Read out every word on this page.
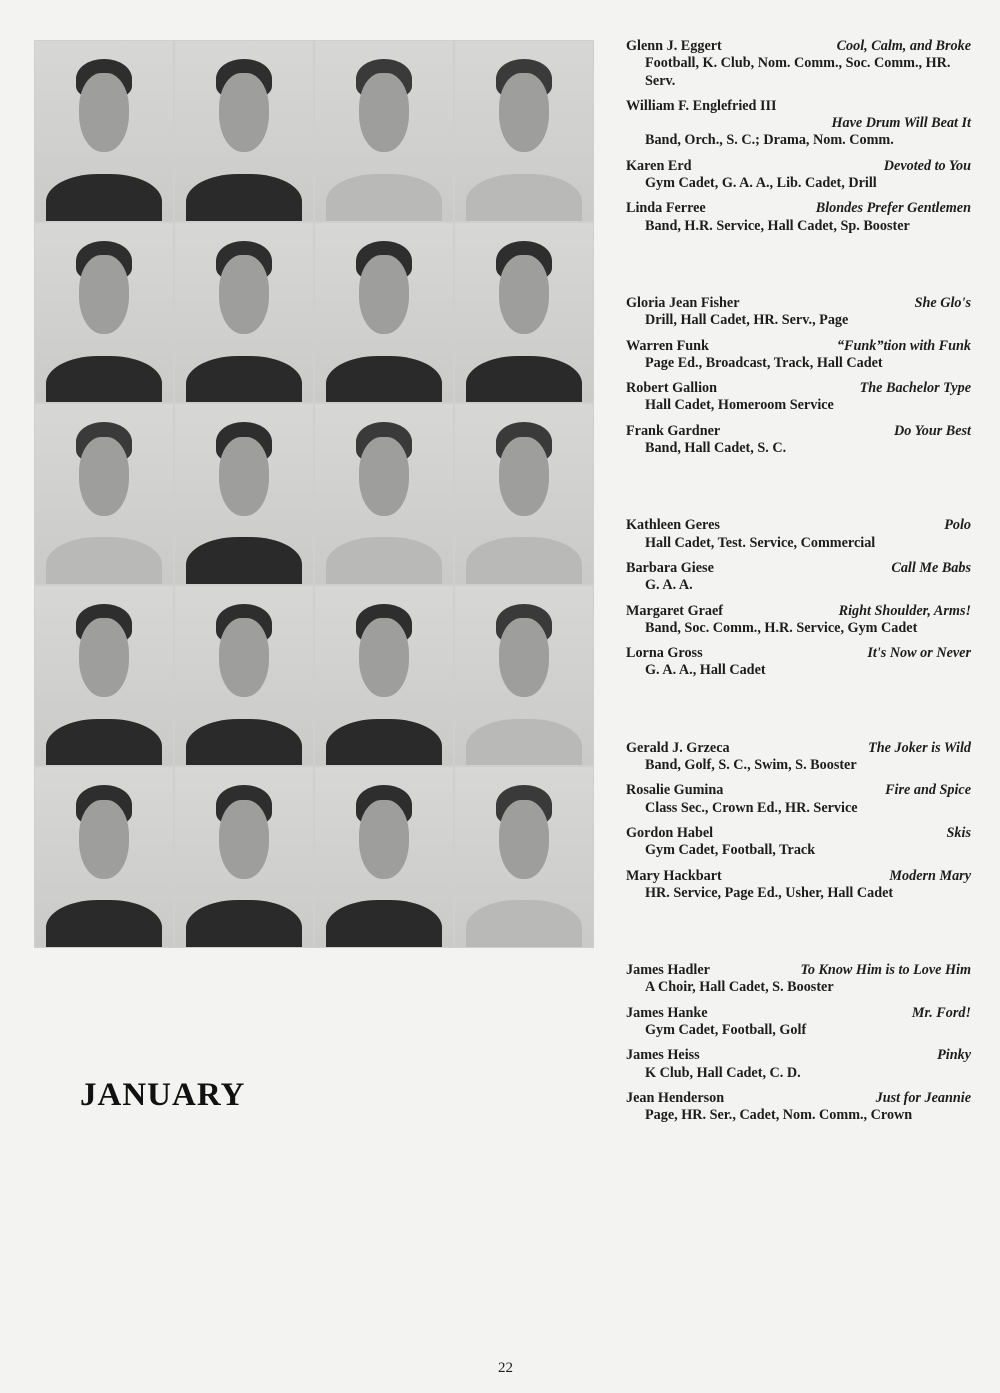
Glenn J. Eggert	Cool, Calm, and Broke
Football, K. Club, Nom. Comm., Soc. Comm., HR. Serv.
William F. Englefried III
Have Drum Will Beat It
Band, Orch., S. C.; Drama, Nom. Comm.
Karen Erd	Devoted to You
Gym Cadet, G. A. A., Lib. Cadet, Drill
Linda Ferree	Blondes Prefer Gentlemen
Band, H.R. Service, Hall Cadet, Sp. Booster
Gloria Jean Fisher	She Glo's
Drill, Hall Cadet, HR. Serv., Page
Warren Funk	“Funk”tion with Funk
Page Ed., Broadcast, Track, Hall Cadet
Robert Gallion	The Bachelor Type
Hall Cadet, Homeroom Service
Frank Gardner	Do Your Best
Band, Hall Cadet, S. C.
Kathleen Geres	Polo
Hall Cadet, Test. Service, Commercial
Barbara Giese	Call Me Babs
G. A. A.
Margaret Graef	Right Shoulder, Arms!
Band, Soc. Comm., H.R. Service, Gym Cadet
Lorna Gross	It's Now or Never
G. A. A., Hall Cadet
Gerald J. Grzeca	The Joker is Wild
Band, Golf, S. C., Swim, S. Booster
Rosalie Gumina	Fire and Spice
Class Sec., Crown Ed., HR. Service
Gordon Habel	Skis
Gym Cadet, Football, Track
Mary Hackbart	Modern Mary
HR. Service, Page Ed., Usher, Hall Cadet
James Hadler	To Know Him is to Love Him
A Choir, Hall Cadet, S. Booster
James Hanke	Mr. Ford!
Gym Cadet, Football, Golf
James Heiss	Pinky
K Club, Hall Cadet, C. D.
Jean Henderson	Just for Jeannie
Page, HR. Ser., Cadet, Nom. Comm., Crown
JANUARY
22
